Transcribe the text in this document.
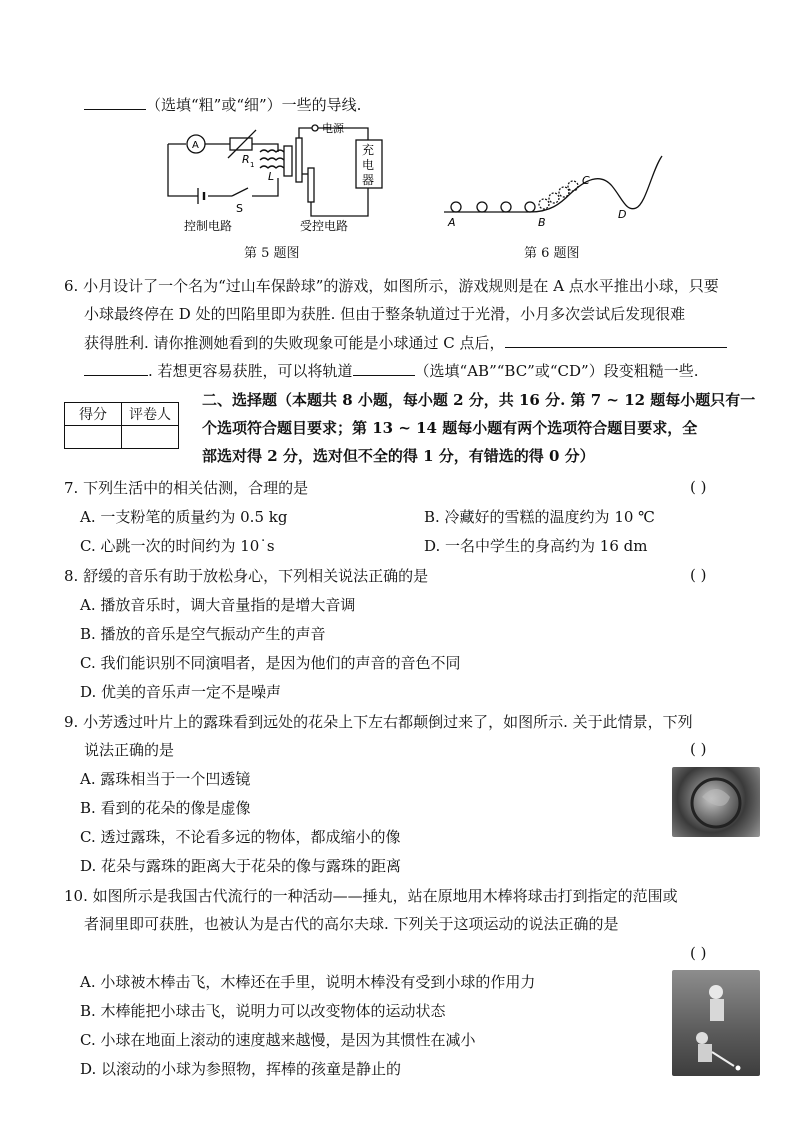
（选填“粗”或“细”）一些的导线.
A
R 1
L
S
电源
充
电
器
控制电路	受控电路
第 5 题图
A	B
C
D
第 6 题图
6. 小月设计了一个名为“过山车保龄球”的游戏，如图所示，游戏规则是在 A 点水平推出小球，只要
小球最终停在 D 处的凹陷里即为获胜. 但由于整条轨道过于光滑，小月多次尝试后发现很难
获得胜利. 请你推测她看到的失败现象可能是小球通过 C 点后，
. 若想更容易获胜，可以将轨道	（选填“AB”“BC”或“CD”）段变粗糙一些.
得分	评卷人

二、选择题（本题共 8 小题，每小题 2 分，共 16 分. 第 7 ~ 12 题每小题只有一
个选项符合题目要求；第 13 ~ 14 题每小题有两个选项符合题目要求，全
部选对得 2 分，选对但不全的得 1 分，有错选的得 0 分）
7. 下列生活中的相关估测，合理的是	( )
A. 一支粉笔的质量约为 0.5 kg	B. 冷藏好的雪糕的温度约为 10 ℃
C. 心跳一次的时间约为 10˙s	D. 一名中学生的身高约为 16 dm
8. 舒缓的音乐有助于放松身心，下列相关说法正确的是	( )
A. 播放音乐时，调大音量指的是增大音调
B. 播放的音乐是空气振动产生的声音
C. 我们能识别不同演唱者，是因为他们的声音的音色不同
D. 优美的音乐声一定不是噪声
9. 小芳透过叶片上的露珠看到远处的花朵上下左右都颠倒过来了，如图所示. 关于此情景，下列
说法正确的是	( )
A. 露珠相当于一个凹透镜
B. 看到的花朵的像是虚像
C. 透过露珠，不论看多远的物体，都成缩小的像
D. 花朵与露珠的距离大于花朵的像与露珠的距离
10. 如图所示是我国古代流行的一种活动——捶丸，站在原地用木棒将球击打到指定的范围或
者洞里即可获胜，也被认为是古代的高尔夫球. 下列关于这项运动的说法正确的是
( )
A. 小球被木棒击飞，木棒还在手里，说明木棒没有受到小球的作用力
B. 木棒能把小球击飞，说明力可以改变物体的运动状态
C. 小球在地面上滚动的速度越来越慢，是因为其惯性在减小
D. 以滚动的小球为参照物，挥棒的孩童是静止的
